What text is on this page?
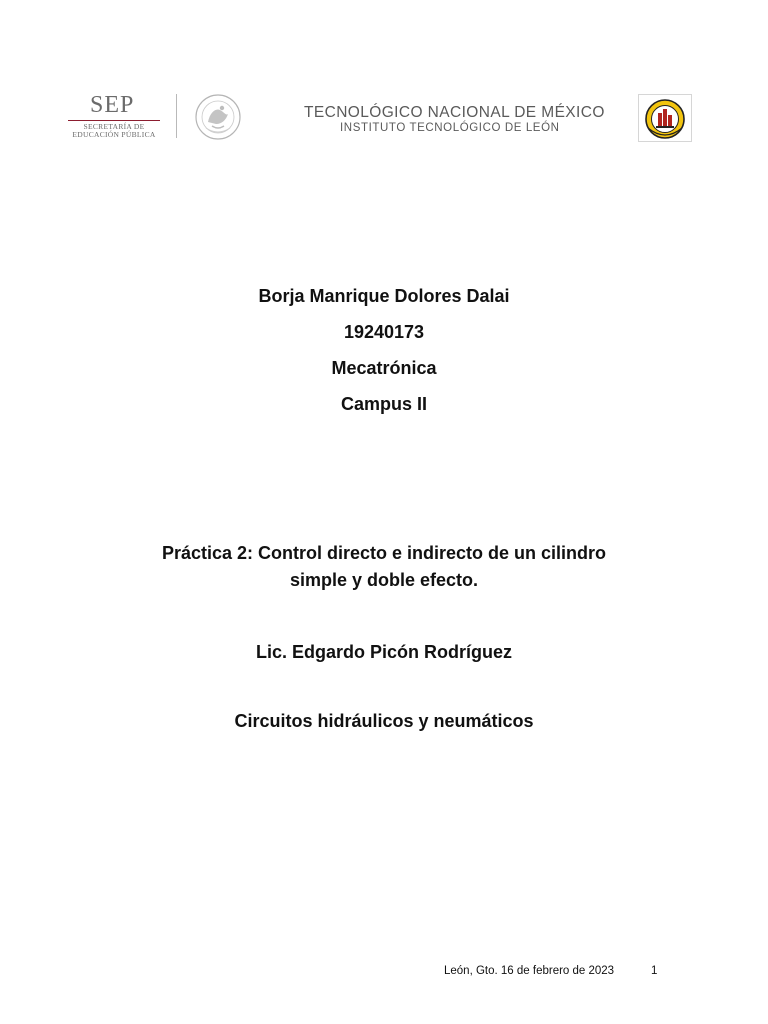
SEP
SECRETARÍA DE
EDUCACIÓN PÚBLICA
TECNOLÓGICO NACIONAL DE MÉXICO
INSTITUTO TECNOLÓGICO DE LEÓN
Borja Manrique Dolores Dalai
19240173
Mecatrónica
Campus II
Práctica 2: Control directo e indirecto de un cilindro
simple y doble efecto.
Lic. Edgardo Picón Rodríguez
Circuitos hidráulicos y neumáticos
León, Gto. 16 de febrero de 2023	1
